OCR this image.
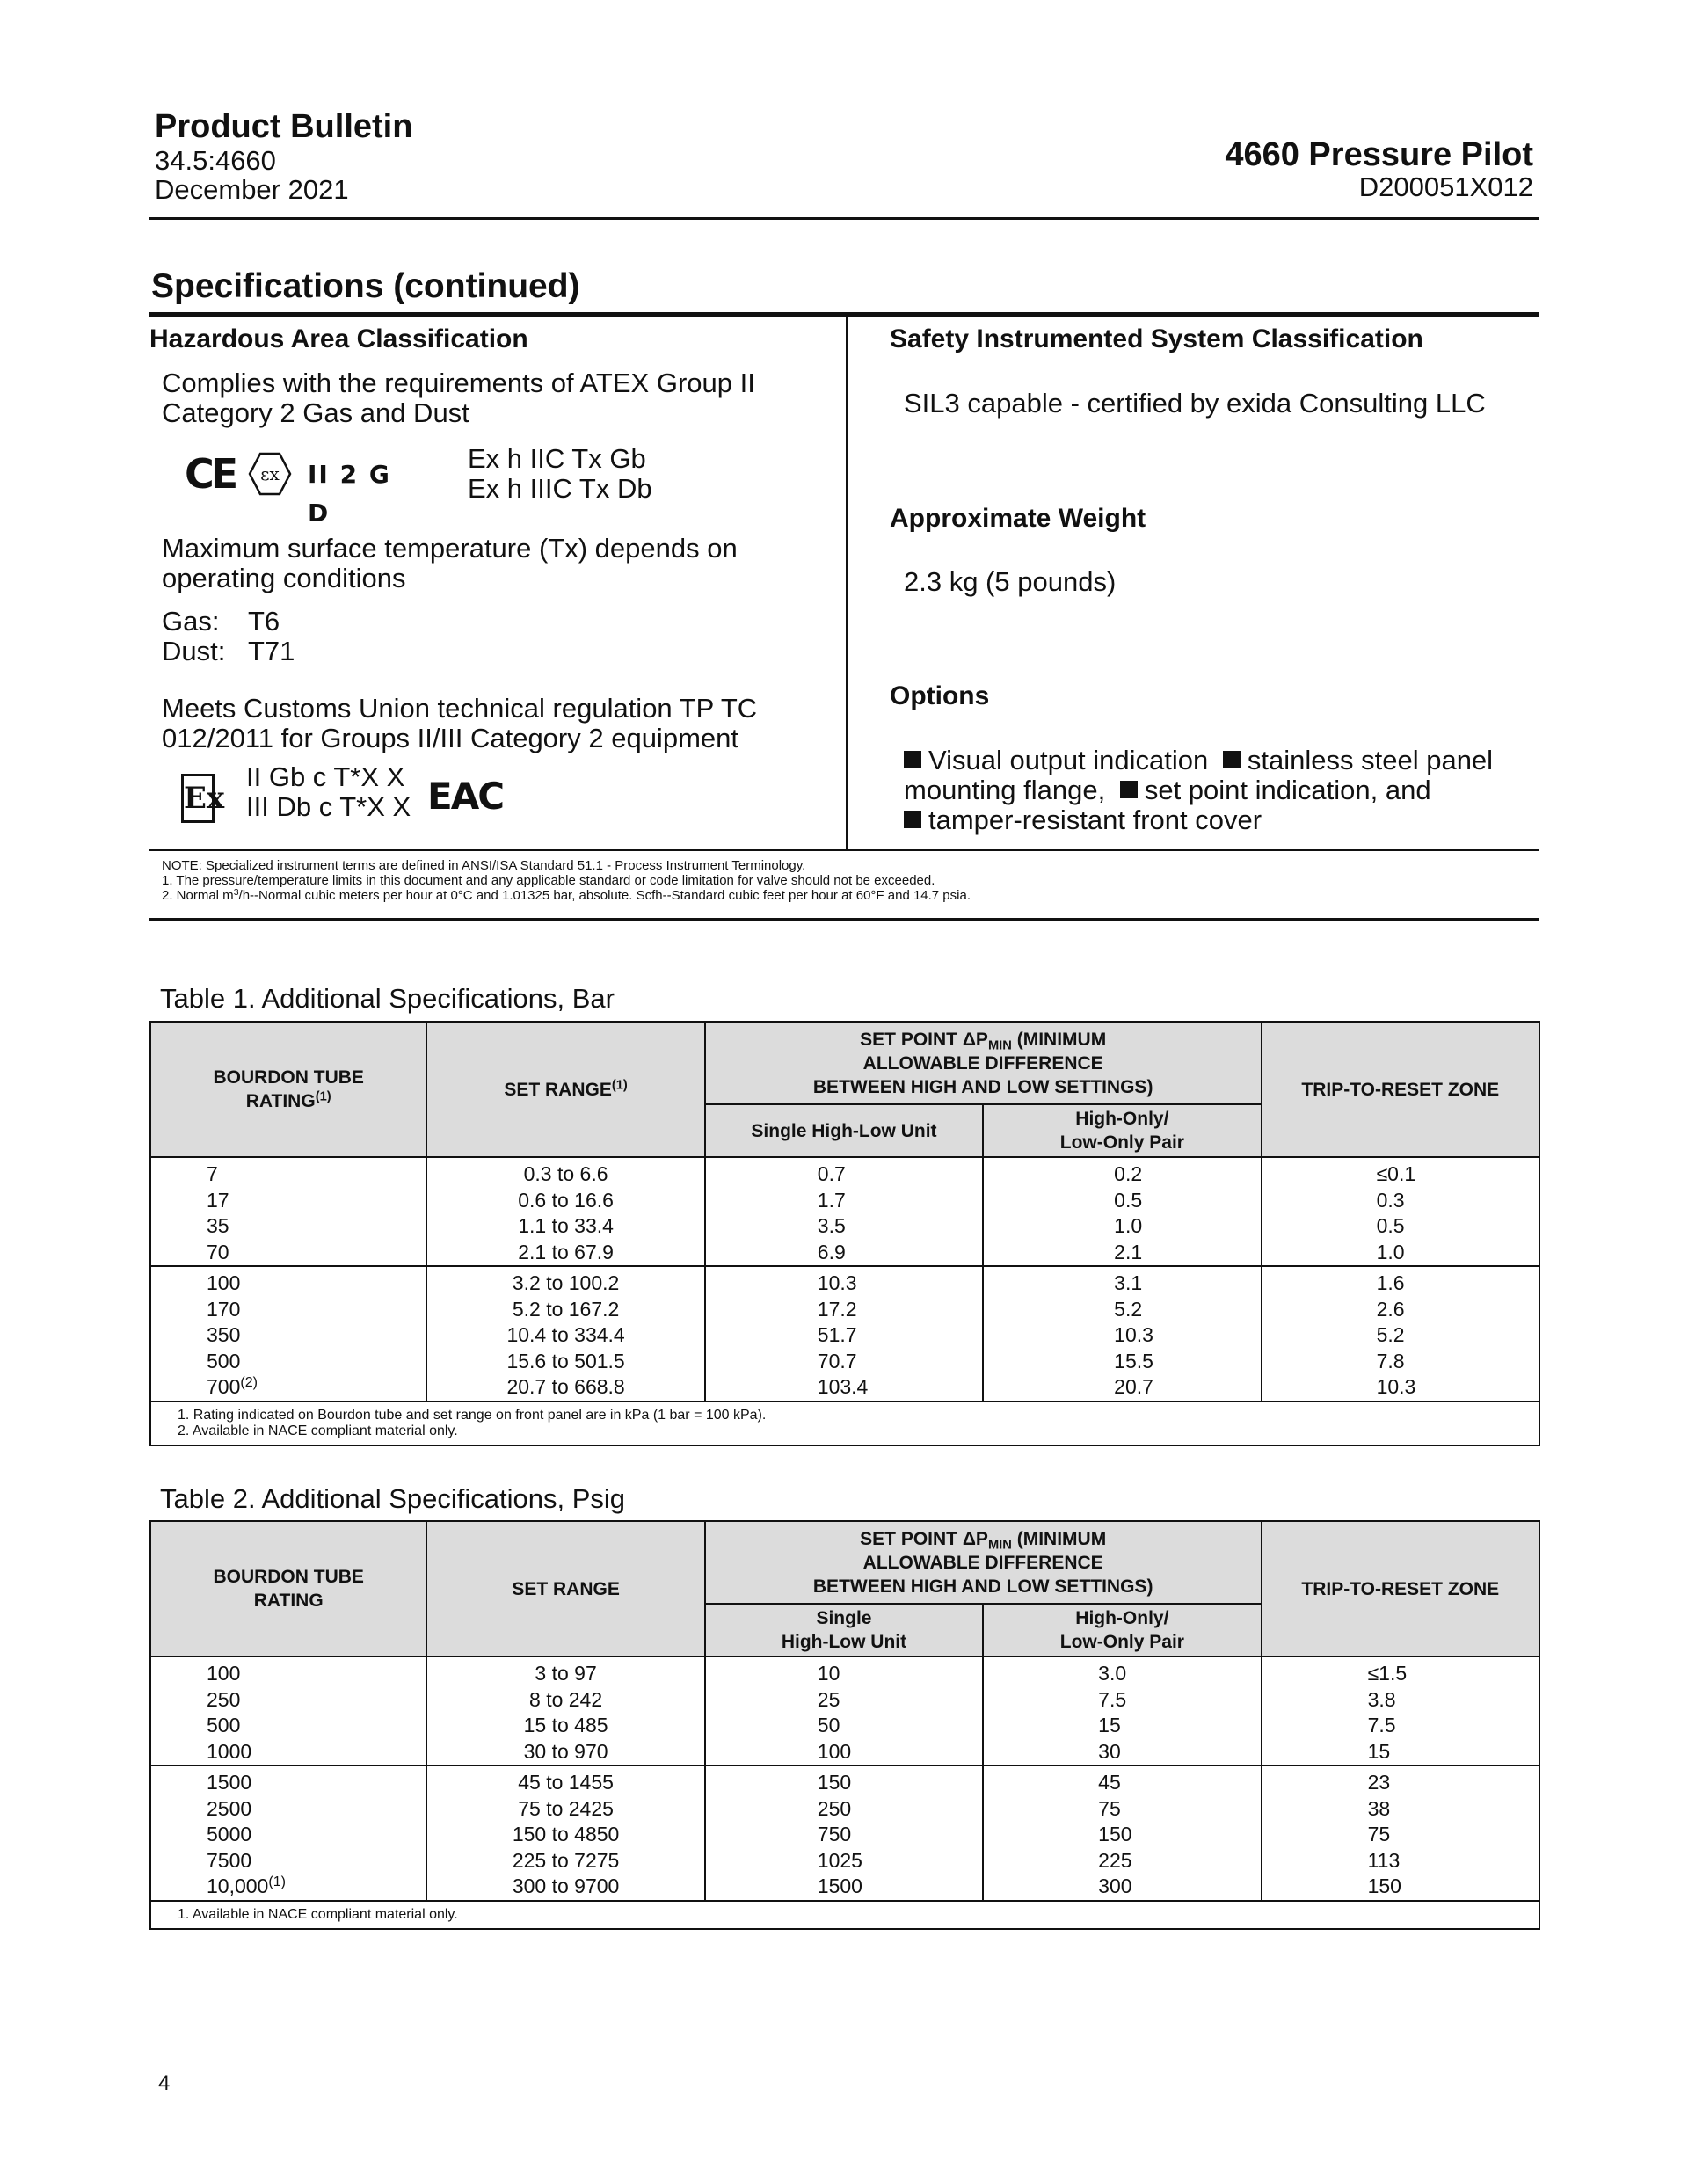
Product Bulletin
34.5:4660
December 2021
4660 Pressure Pilot
D200051X012
Specifications (continued)
Hazardous Area Classification
Complies with the requirements of ATEX Group II
Category 2 Gas and Dust
CE εx II 2 G D
Ex h IIC Tx Gb
Ex h IIIC Tx Db
Maximum surface temperature (Tx) depends on
operating conditions
Gas: T6
Dust: T71
Meets Customs Union technical regulation TP TC
012/2011 for Groups II/III Category 2 equipment
Ex
II Gb c T*X X
III Db c T*X X EAC
Safety Instrumented System Classification
SIL3 capable - certified by exida Consulting LLC
Approximate Weight
2.3 kg (5 pounds)
Options
Visual output indication stainless steel panel
mounting flange, set point indication, and
tamper-resistant front cover
NOTE: Specialized instrument terms are defined in ANSI/ISA Standard 51.1 - Process Instrument Terminology.
1. The pressure/temperature limits in this document and any applicable standard or code limitation for valve should not be exceeded.
2. Normal $m^3/h-$-Normal cubic meters per hour at 0°C and 1.01325 bar, absolute. Scfh--Standard cubic feet per hour at 60°F and 14.7 psia.
Table 1. Additional Specifications, Bar
BOURDON TUBE
RATING$^{(1)}$	SET RANGE$^{(1)}$	SET POINT $\Delta P_{MIN}$ (MINIMUM
ALLOWABLE DIFFERENCE
BETWEEN HIGH AND LOW SETTINGS)		TRIP-TO-RESET ZONE
		Single High-Low Unit	High-Only/
Low-Only Pair	
7	0.3 to 6.6	0.7	0.2	≤0.1
17	0.6 to 16.6	1.7	0.5	0.3
35	1.1 to 33.4	3.5	1.0	0.5
70	2.1 to 67.9	6.9	2.1	1.0
100	3.2 to 100.2	10.3	3.1	1.6
170	5.2 to 167.2	17.2	5.2	2.6
350	10.4 to 334.4	51.7	10.3	5.2
500	15.6 to 501.5	70.7	15.5	7.8
700$^{(2)}$	20.7 to 668.8	103.4	20.7	10.3

1. Rating indicated on Bourdon tube and set range on front panel are in kPa (1 bar = 100 kPa).
2. Available in NACE compliant material only.				
Table 2. Additional Specifications, Psig
BOURDON TUBE
RATING	SET RANGE	SET POINT $\Delta P_{MIN}$ (MINIMUM
ALLOWABLE DIFFERENCE
BETWEEN HIGH AND LOW SETTINGS)		TRIP-TO-RESET ZONE
		Single
High-Low Unit	High-Only/
Low-Only Pair	
100	3 to 97	10	3.0	≤1.5
250	8 to 242	25	7.5	3.8
500	15 to 485	50	15	7.5
1000	30 to 970	100	30	15
1500	45 to 1455	150	45	23
2500	75 to 2425	250	75	38
5000	150 to 4850	750	150	75
7500	225 to 7275	1025	225	113
10,000$^{(1)}$	300 to 9700	1500	300	150

1. Available in NACE compliant material only.				
4
